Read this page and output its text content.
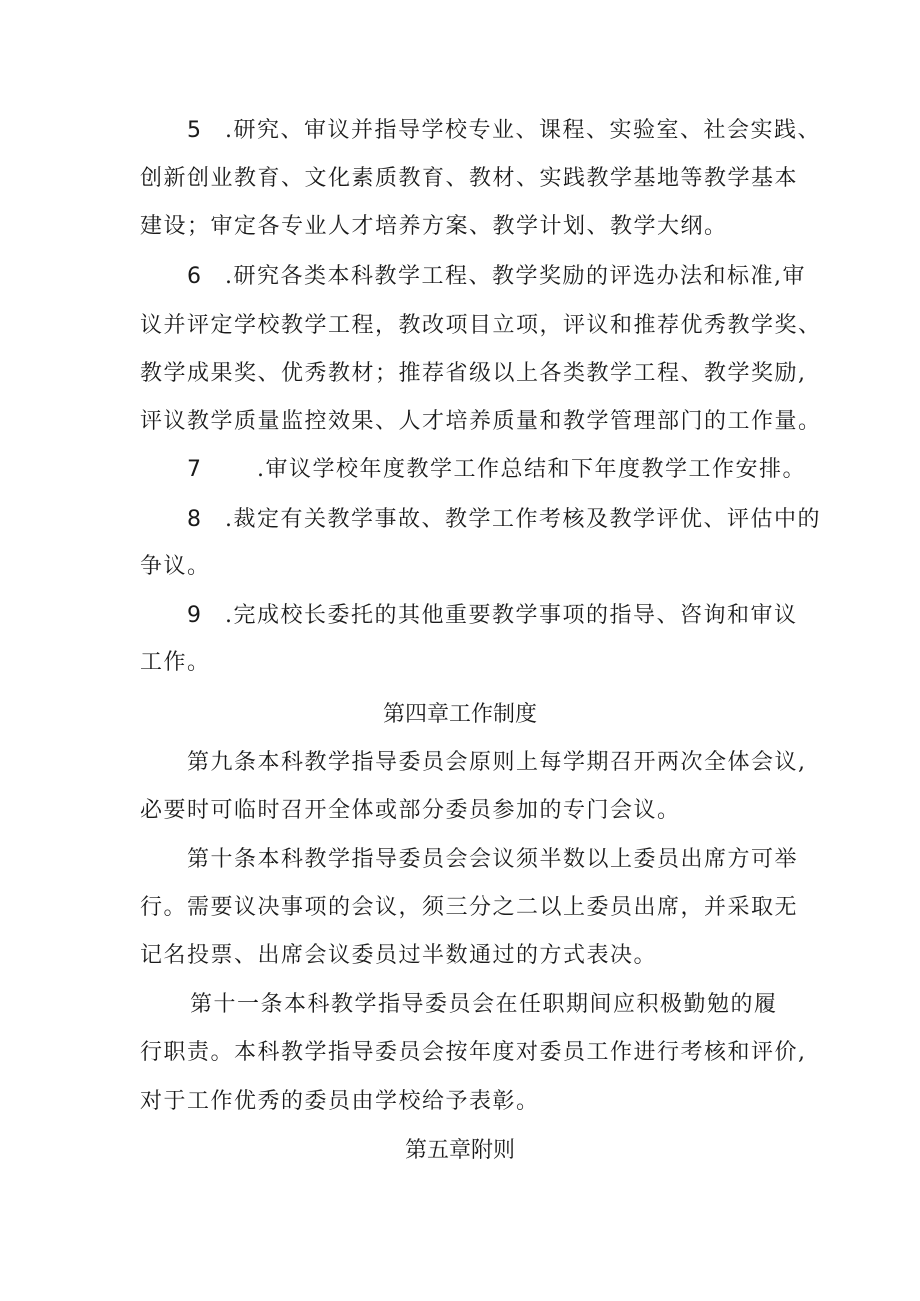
5 .研究、审议并指导学校专业、课程、实验室、社会实践、
创新创业教育、文化素质教育、教材、实践教学基地等教学基本
建设；审定各专业人才培养方案、教学计划、教学大纲。
6 .研究各类本科教学工程、教学奖励的评选办法和标准,审
议并评定学校教学工程，教改项目立项，评议和推荐优秀教学奖、
教学成果奖、优秀教材；推荐省级以上各类教学工程、教学奖励,
评议教学质量监控效果、人才培养质量和教学管理部门的工作量。
7 .审议学校年度教学工作总结和下年度教学工作安排。
8 .裁定有关教学事故、教学工作考核及教学评优、评估中的
争议。
9 .完成校长委托的其他重要教学事项的指导、咨询和审议
工作。
第四章工作制度
第九条本科教学指导委员会原则上每学期召开两次全体会议,
必要时可临时召开全体或部分委员参加的专门会议。
第十条本科教学指导委员会会议须半数以上委员出席方可举
行。需要议决事项的会议，须三分之二以上委员出席，并采取无
记名投票、出席会议委员过半数通过的方式表决。
第十一条本科教学指导委员会在任职期间应积极勤勉的履
行职责。本科教学指导委员会按年度对委员工作进行考核和评价,
对于工作优秀的委员由学校给予表彰。
第五章附则
